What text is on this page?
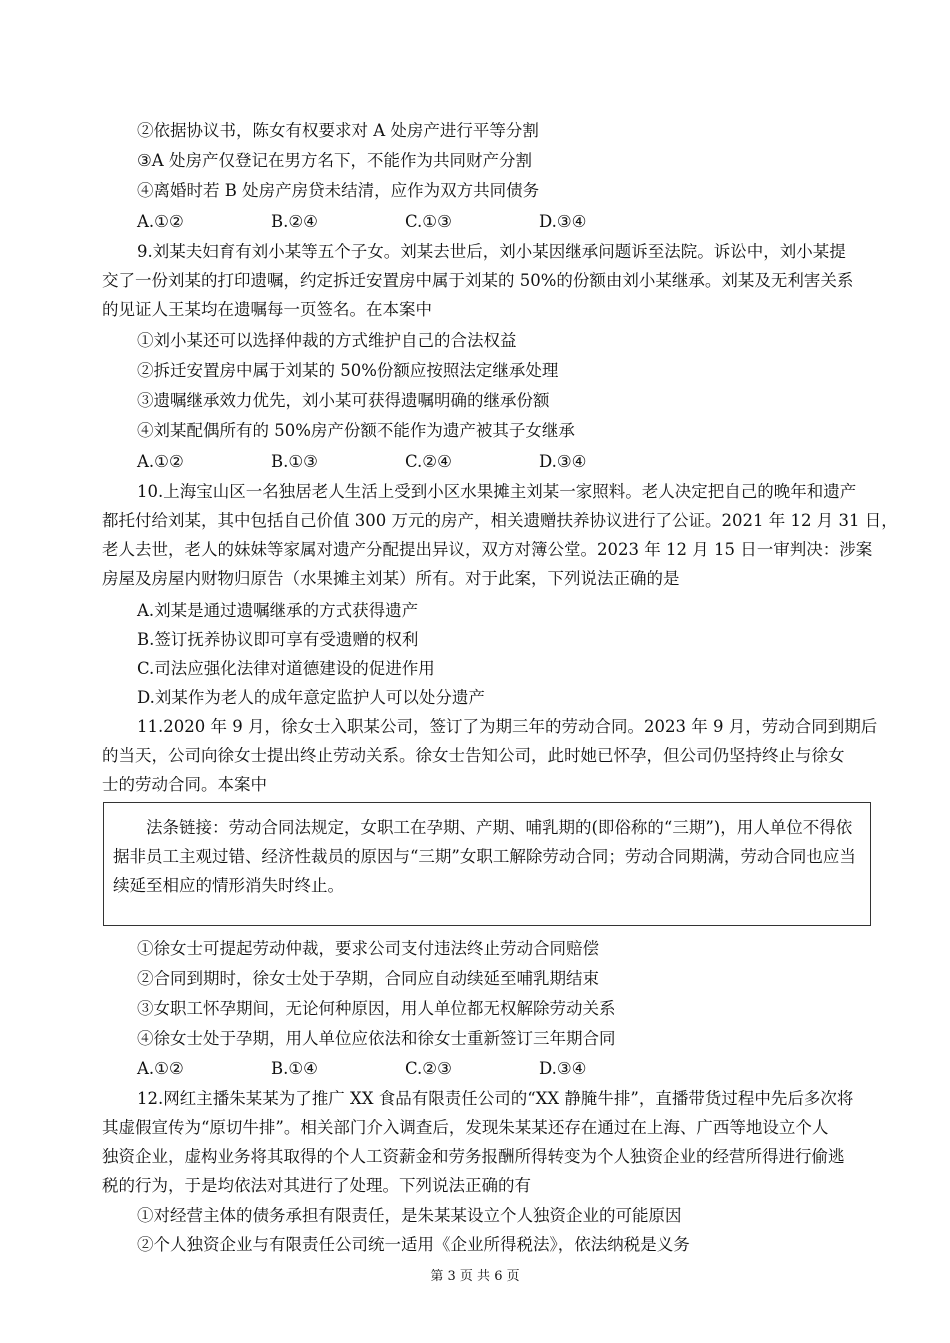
②依据协议书，陈女有权要求对 A 处房产进行平等分割
③A 处房产仅登记在男方名下，不能作为共同财产分割
④离婚时若 B 处房产房贷未结清，应作为双方共同债务
A.①②	B.②④	C.①③	D.③④
9.刘某夫妇育有刘小某等五个子女。刘某去世后，刘小某因继承问题诉至法院。诉讼中，刘小某提
交了一份刘某的打印遗嘱，约定拆迁安置房中属于刘某的 50%的份额由刘小某继承。刘某及无利害关系
的见证人王某均在遗嘱每一页签名。在本案中
①刘小某还可以选择仲裁的方式维护自己的合法权益
②拆迁安置房中属于刘某的 50%份额应按照法定继承处理
③遗嘱继承效力优先，刘小某可获得遗嘱明确的继承份额
④刘某配偶所有的 50%房产份额不能作为遗产被其子女继承
A.①②	B.①③	C.②④	D.③④
10.上海宝山区一名独居老人生活上受到小区水果摊主刘某一家照料。老人决定把自己的晚年和遗产
都托付给刘某，其中包括自己价值 300 万元的房产，相关遗赠扶养协议进行了公证。2021 年 12 月 31 日，
老人去世，老人的妹妹等家属对遗产分配提出异议，双方对簿公堂。2023 年 12 月 15 日一审判决：涉案
房屋及房屋内财物归原告（水果摊主刘某）所有。对于此案，下列说法正确的是
A.刘某是通过遗嘱继承的方式获得遗产
B.签订抚养协议即可享有受遗赠的权利
C.司法应强化法律对道德建设的促进作用
D.刘某作为老人的成年意定监护人可以处分遗产
11.2020 年 9 月，徐女士入职某公司，签订了为期三年的劳动合同。2023 年 9 月，劳动合同到期后
的当天，公司向徐女士提出终止劳动关系。徐女士告知公司，此时她已怀孕，但公司仍坚持终止与徐女
士的劳动合同。本案中
法条链接：劳动合同法规定，女职工在孕期、产期、哺乳期的(即俗称的“三期”)，用人单位不得依
据非员工主观过错、经济性裁员的原因与“三期”女职工解除劳动合同；劳动合同期满，劳动合同也应当
续延至相应的情形消失时终止。
①徐女士可提起劳动仲裁，要求公司支付违法终止劳动合同赔偿
②合同到期时，徐女士处于孕期，合同应自动续延至哺乳期结束
③女职工怀孕期间，无论何种原因，用人单位都无权解除劳动关系
④徐女士处于孕期，用人单位应依法和徐女士重新签订三年期合同
A.①②	B.①④	C.②③	D.③④
12.网红主播朱某某为了推广 XX 食品有限责任公司的“XX 静腌牛排”，直播带货过程中先后多次将
其虚假宣传为“原切牛排”。相关部门介入调查后，发现朱某某还存在通过在上海、广西等地设立个人
独资企业，虚构业务将其取得的个人工资薪金和劳务报酬所得转变为个人独资企业的经营所得进行偷逃
税的行为，于是均依法对其进行了处理。下列说法正确的有
①对经营主体的债务承担有限责任，是朱某某设立个人独资企业的可能原因
②个人独资企业与有限责任公司统一适用《企业所得税法》，依法纳税是义务
第 3 页 共 6 页
